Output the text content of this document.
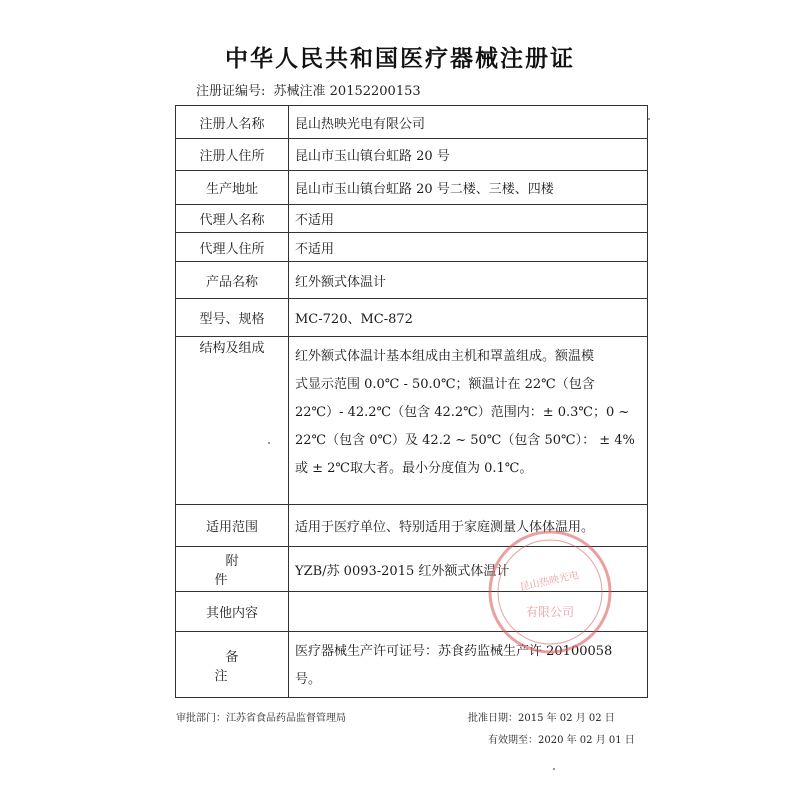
中华人民共和国医疗器械注册证
注册证编号: 苏械注准 20152200153
注册人名称	昆山热映光电有限公司
注册人住所	昆山市玉山镇台虹路 20 号
生产地址	昆山市玉山镇台虹路 20 号二楼、三楼、四楼
代理人名称	不适用
代理人住所	不适用
产品名称	红外额式体温计
型号、规格	MC-720、MC-872
结构及组成	红外额式体温计基本组成由主机和罩盖组成。额温模
式显示范围 0.0℃ - 50.0℃；额温计在 22℃（包含
22℃）- 42.2℃（包含 42.2℃）范围内：± 0.3℃；0 ~
22℃（包含 0℃）及 42.2 ~ 50℃（包含 50℃）： ± 4%
或 ± 2℃取大者。最小分度值为 0.1℃。

适用范围	适用于医疗单位、特别适用于家庭测量人体体温用。
附 件	YZB/苏 0093-2015 红外额式体温计
其他内容	
备 注	医疗器械生产许可证号：苏食药监械生产许 20100058
号。
昆山热映光电
有限公司
审批部门：江苏省食品药品监督管理局	批准日期：2015 年 02 月 02 日
有效期至：2020 年 02 月 01 日
